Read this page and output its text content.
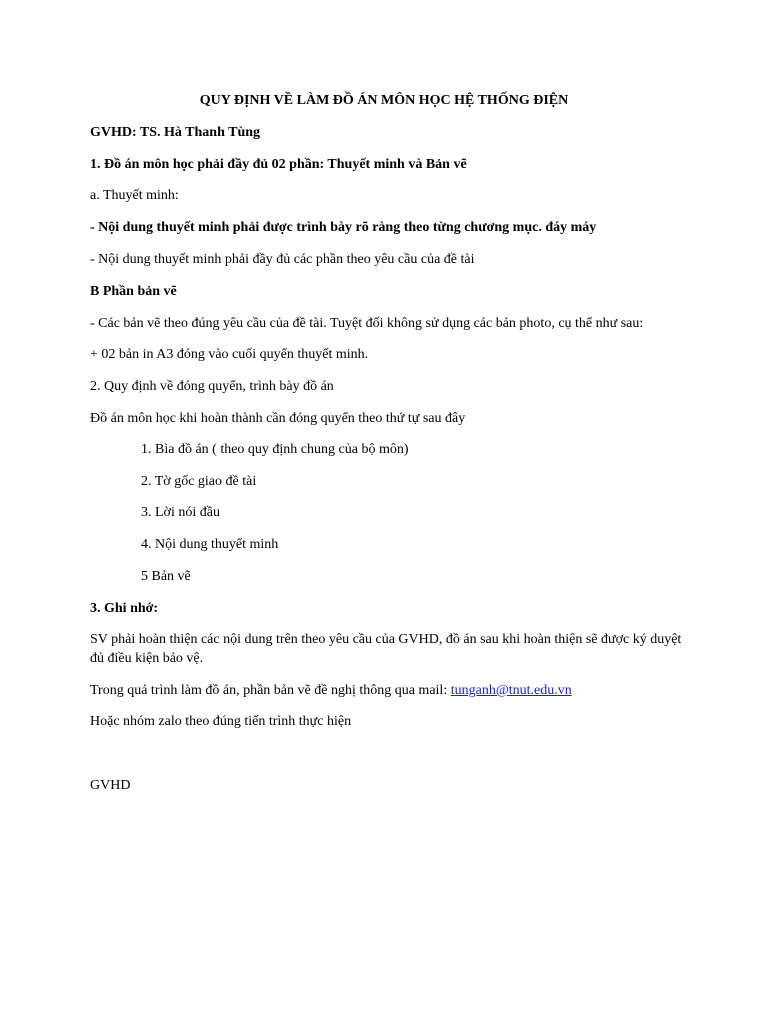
QUY ĐỊNH VỀ LÀM ĐỒ ÁN MÔN HỌC HỆ THỐNG ĐIỆN
GVHD: TS. Hà Thanh Tùng
1. Đồ án môn học phải đầy đủ 02 phần: Thuyết minh và Bản vẽ
a. Thuyết minh:
- Nội dung thuyết minh phải được trình bày rõ ràng theo từng chương mục. đáy máy
- Nội dung thuyết minh phải đầy đủ các phần theo yêu cầu của đề tài
B Phần bản vẽ
- Các bản vẽ theo đúng yêu cầu của đề tài. Tuyệt đối không sử dụng các bản photo, cụ thể như sau:
+ 02 bản in A3 đóng vào cuối quyển thuyết minh.
2. Quy định về đóng quyển, trình bày đồ án
Đồ án môn học khi hoàn thành cần đóng quyển theo thứ tự sau đây
1. Bìa đồ án ( theo quy định chung của bộ môn)
2. Tờ gốc giao đề tài
3. Lời nói đầu
4. Nội dung thuyết minh
5 Bản vẽ
3. Ghi nhớ:
SV phải hoàn thiện các nội dung trên theo yêu cầu của GVHD, đồ án sau khi hoàn thiện sẽ được ký duyệt đủ điều kiện bảo vệ.
Trong quá trình làm đồ án, phần bản vẽ đề nghị thông qua mail: tunganh@tnut.edu.vn
Hoặc nhóm zalo theo đúng tiến trình thực hiện
GVHD
